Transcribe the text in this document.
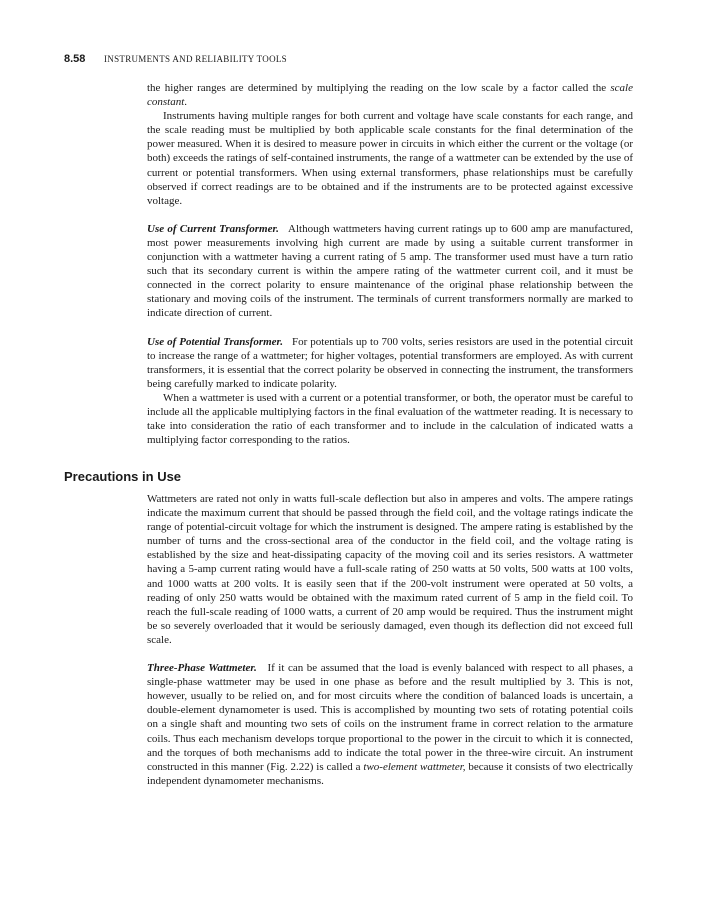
8.58 INSTRUMENTS AND RELIABILITY TOOLS

the higher ranges are determined by multiplying the reading on the low scale by a factor called the scale constant.

Instruments having multiple ranges for both current and voltage have scale constants for each range, and the scale reading must be multiplied by both applicable scale constants for the final determination of the power measured. When it is desired to measure power in circuits in which either the current or the voltage (or both) exceeds the ratings of self-contained instruments, the range of a wattmeter can be extended by the use of current or potential transformers. When using external transformers, phase relationships must be carefully observed if correct readings are to be obtained and if the instruments are to be protected against excessive voltage.

Use of Current Transformer. Although wattmeters having current ratings up to 600 amp are manufactured, most power measurements involving high current are made by using a suitable current transformer in conjunction with a wattmeter having a current rating of 5 amp. The transformer used must have a turn ratio such that its secondary current is within the ampere rating of the wattmeter current coil, and it must be connected in the correct polarity to ensure maintenance of the original phase relationship between the stationary and moving coils of the instrument. The terminals of current transformers normally are marked to indicate direction of current.

Use of Potential Transformer. For potentials up to 700 volts, series resistors are used in the potential circuit to increase the range of a wattmeter; for higher voltages, potential transformers are employed. As with current transformers, it is essential that the correct polarity be observed in connecting the instrument, the transformers being carefully marked to indicate polarity.

When a wattmeter is used with a current or a potential transformer, or both, the operator must be careful to include all the applicable multiplying factors in the final evaluation of the wattmeter reading. It is necessary to take into consideration the ratio of each transformer and to include in the calculation of indicated watts a multiplying factor corresponding to the ratios.

Precautions in Use

Wattmeters are rated not only in watts full-scale deflection but also in amperes and volts. The ampere ratings indicate the maximum current that should be passed through the field coil, and the voltage ratings indicate the range of potential-circuit voltage for which the instrument is designed. The ampere rating is established by the number of turns and the cross-sectional area of the conductor in the field coil, and the voltage rating is established by the size and heat-dissipating capacity of the moving coil and its series resistors. A wattmeter having a 5-amp current rating would have a full-scale rating of 250 watts at 50 volts, 500 watts at 100 volts, and 1000 watts at 200 volts. It is easily seen that if the 200-volt instrument were operated at 50 volts, a reading of only 250 watts would be obtained with the maximum rated current of 5 amp in the field coil. To reach the full-scale reading of 1000 watts, a current of 20 amp would be required. Thus the instrument might be so severely overloaded that it would be seriously damaged, even though its deflection did not exceed full scale.

Three-Phase Wattmeter. If it can be assumed that the load is evenly balanced with respect to all phases, a single-phase wattmeter may be used in one phase as before and the result multiplied by 3. This is not, however, usually to be relied on, and for most circuits where the condition of balanced loads is uncertain, a double-element dynamometer is used. This is accomplished by mounting two sets of rotating potential coils on a single shaft and mounting two sets of coils on the instrument frame in correct relation to the armature coils. Thus each mechanism develops torque proportional to the power in the circuit to which it is connected, and the torques of both mechanisms add to indicate the total power in the three-wire circuit. An instrument constructed in this manner (Fig. 2.22) is called a two-element wattmeter, because it consists of two electrically independent dynamometer mechanisms.
